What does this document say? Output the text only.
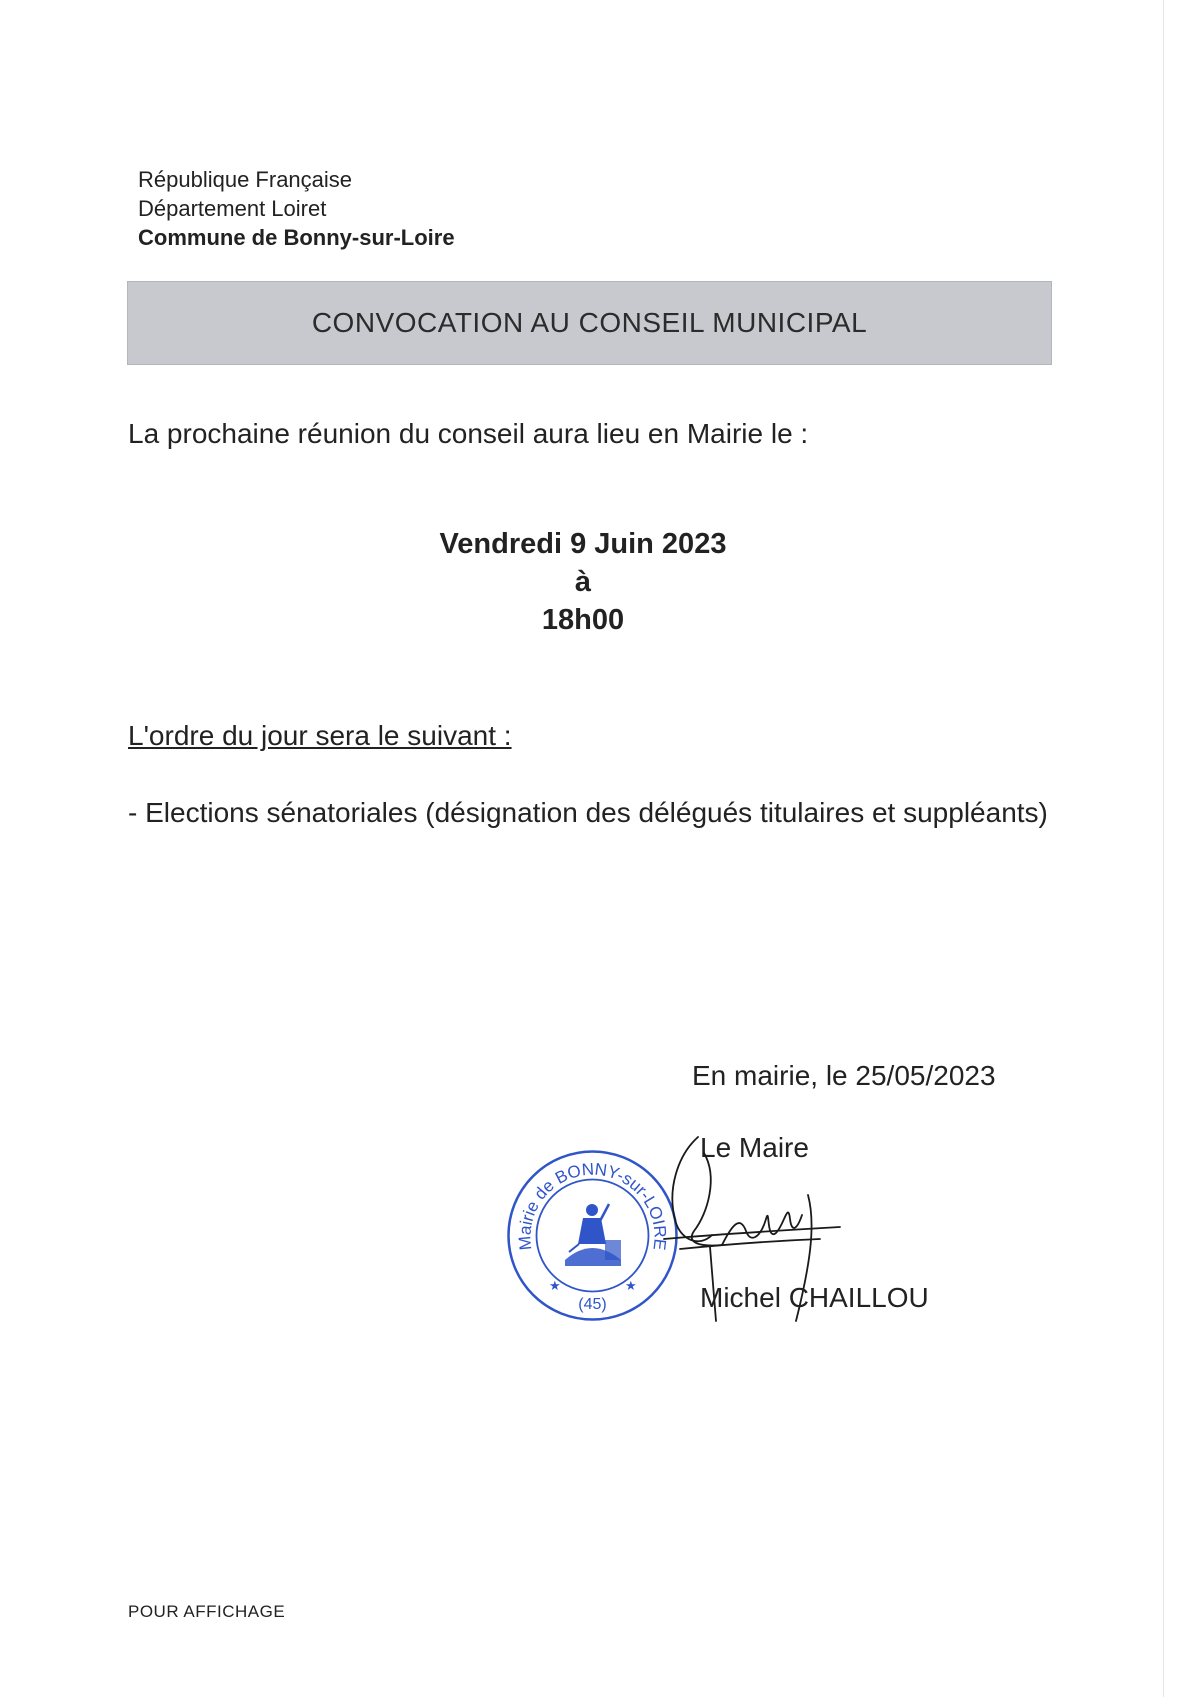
République Française
Département Loiret
Commune de Bonny-sur-Loire
CONVOCATION AU CONSEIL MUNICIPAL
La prochaine réunion du conseil aura lieu en Mairie le :
Vendredi 9 Juin 2023
à
18h00
L'ordre du jour sera le suivant :
- Elections sénatoriales (désignation des délégués titulaires et suppléants)
En mairie, le 25/05/2023
Le Maire
Mairie de BONNY-sur-LOIRE
★	★
(45)	Michel CHAILLOU
POUR AFFICHAGE
